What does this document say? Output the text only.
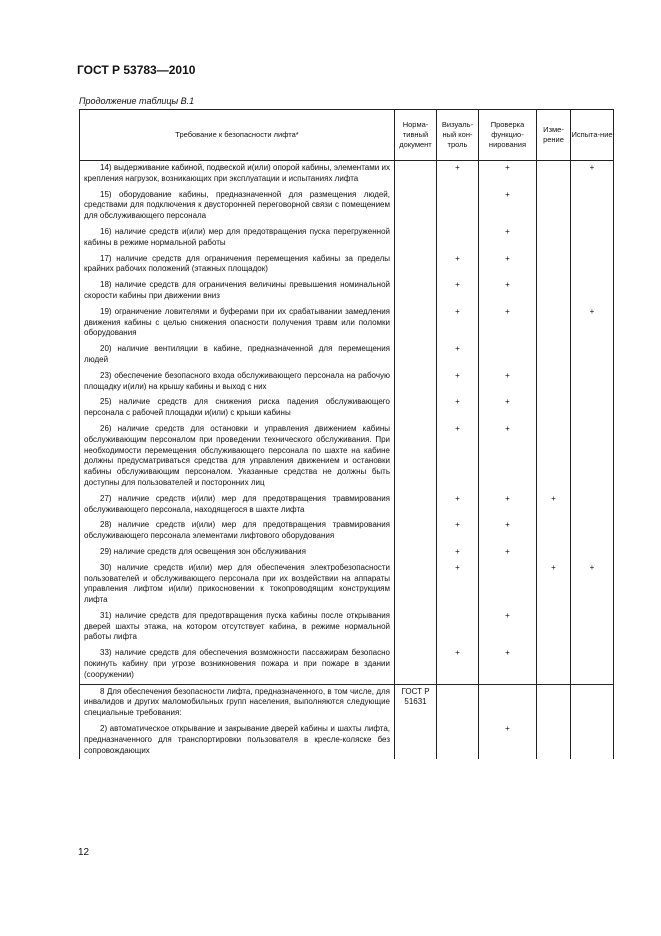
ГОСТ Р 53783—2010
Продолжение таблицы В.1
Требование к безопасности лифта*	Норма-тивный документ	Визуаль-ный кон-троль	Проверка функцио-нирования	Изме-рение	Испыта-ние
14) выдерживание кабиной, подвеской и(или) опорой кабины, элементами их крепления нагрузок, возникающих при эксплуатации и испытаниях лифта		+	+		+
15) оборудование кабины, предназначенной для размещения людей, средствами для подключения к двусторонней переговорной связи с помещением для обслуживающего персонала			+		
16) наличие средств и(или) мер для предотвращения пуска перегруженной кабины в режиме нормальной работы			+		
17) наличие средств для ограничения перемещения кабины за пределы крайних рабочих положений (этажных площадок)		+	+		
18) наличие средств для ограничения величины превышения номинальной скорости кабины при движении вниз		+	+		
19) ограничение ловителями и буферами при их срабатывании замедления движения кабины с целью снижения опасности получения травм или поломки оборудования		+	+		+
20) наличие вентиляции в кабине, предназначенной для перемещения людей		+			
23) обеспечение безопасного входа обслуживающего персонала на рабочую площадку и(или) на крышу кабины и выход с них		+	+		
25) наличие средств для снижения риска падения обслуживающего персонала с рабочей площадки и(или) с крыши кабины		+	+		
26) наличие средств для остановки и управления движением кабины обслуживающим персоналом при проведении технического обслуживания. При необходимости перемещения обслуживающего персонала по шахте на кабине должны предусматриваться средства для управления движением и остановки кабины обслуживающим персоналом. Указанные средства не должны быть доступны для пользователей и посторонних лиц		+	+		
27) наличие средств и(или) мер для предотвращения травмирования обслуживающего персонала, находящегося в шахте лифта		+	+	+	
28) наличие средств и(или) мер для предотвращения травмирования обслуживающего персонала элементами лифтового оборудования		+	+		
29) наличие средств для освещения зон обслуживания		+	+		
30) наличие средств и(или) мер для обеспечения электробезопасности пользователей и обслуживающего персонала при их воздействии на аппараты управления лифтом и(или) прикосновении к токопроводящим конструкциям лифта		+		+	+
31) наличие средств для предотвращения пуска кабины после открывания дверей шахты этажа, на котором отсутствует кабина, в режиме нормальной работы лифта			+		
33) наличие средств для обеспечения возможности пассажирам безопасно покинуть кабину при угрозе возникновения пожара и при пожаре в здании (сооружении)		+	+		
8 Для обеспечения безопасности лифта, предназначенного, в том числе, для инвалидов и других маломобильных групп населения, выполняются следующие специальные требования:	ГОСТ Р 51631				
2) автоматическое открывание и закрывание дверей кабины и шахты лифта, предназначенного для транспортировки пользователя в кресле-коляске без сопровождающих			+		
12
